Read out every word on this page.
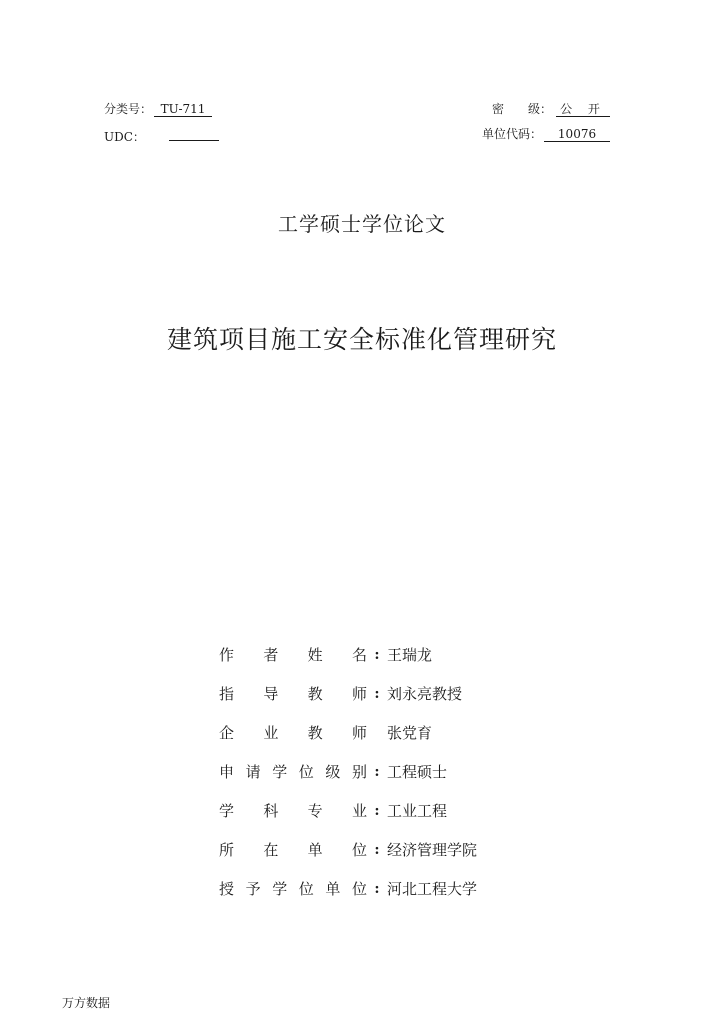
分类号： TU-711
UDC：
密　　级： 公 开
单位代码： 10076
工学硕士学位论文
建筑项目施工安全标准化管理研究
作 者 姓 名 : 王瑞龙
指 导 教 师 : 刘永亮教授
企 业 教 师 张党育
申 请 学 位 级 别 : 工程硕士
学 科 专 业 : 工业工程
所 在 单 位 : 经济管理学院
授 予 学 位 单 位 : 河北工程大学
万方数据
